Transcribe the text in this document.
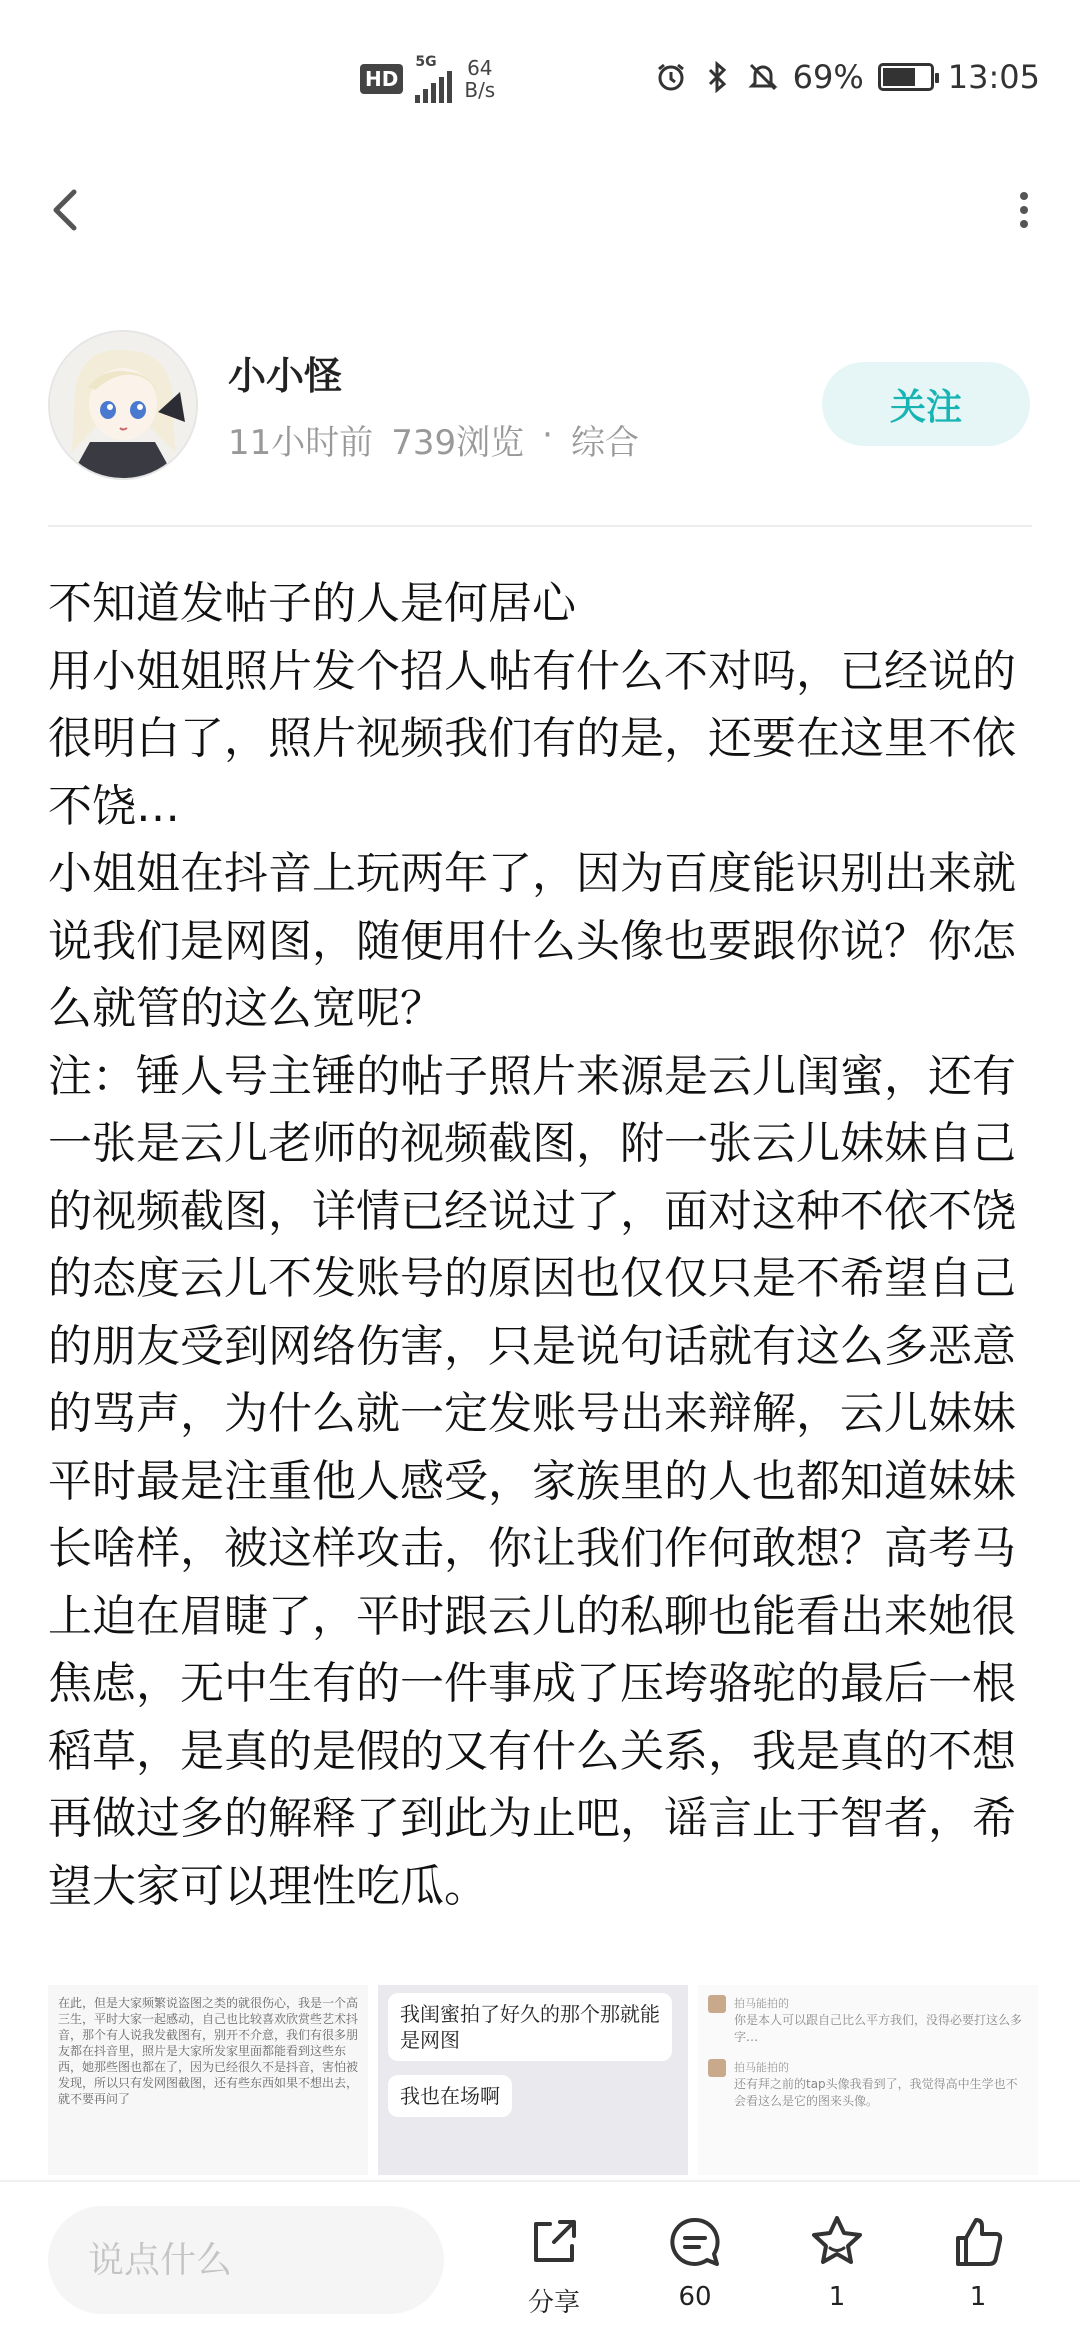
HD
5G 64
B/s	69%	13:05
小小怪
11小时前 739浏览 · 综合
关注

不知道发帖子的人是何居心

用小姐姐照片发个招人帖有什么不对吗，已经说的很明白了，照片视频我们有的是，还要在这里不依不饶…

小姐姐在抖音上玩两年了，因为百度能识别出来就说我们是网图，随便用什么头像也要跟你说？你怎么就管的这么宽呢？

注：锤人号主锤的帖子照片来源是云儿闺蜜，还有一张是云儿老师的视频截图，附一张云儿妹妹自己的视频截图，详情已经说过了，面对这种不依不饶的态度云儿不发账号的原因也仅仅只是不希望自己的朋友受到网络伤害，只是说句话就有这么多恶意的骂声，为什么就一定发账号出来辩解，云儿妹妹平时最是注重他人感受，家族里的人也都知道妹妹长啥样，被这样攻击，你让我们作何敢想？高考马上迫在眉睫了，平时跟云儿的私聊也能看出来她很焦虑，无中生有的一件事成了压垮骆驼的最后一根稻草，是真的是假的又有什么关系，我是真的不想再做过多的解释了到此为止吧，谣言止于智者，希望大家可以理性吃瓜。

在此，但是大家频繁说盗图之类的就很伤心，我是一个高三生，平时大家一起感动，自己也比较喜欢欣赏些艺术抖音，那个有人说我发截图有，别开不介意，我们有很多朋友都在抖音里，照片是大家所发家里面都能看到这些东西，她那些图也都在了，因为已经很久不是抖音，害怕被发现，所以只有发网图截图，还有些东西如果不想出去，就不要再问了
我闺蜜拍了好久的那个那就能是网图
我也在场啊
拍马能拍的
你是本人可以跟自己比么平方我们，没得必要打这么多字…
拍马能拍的
还有拜之前的tap头像我看到了，我觉得高中生学也不会看这么是它的图来头像。
说点什么
分享	60	1	1
